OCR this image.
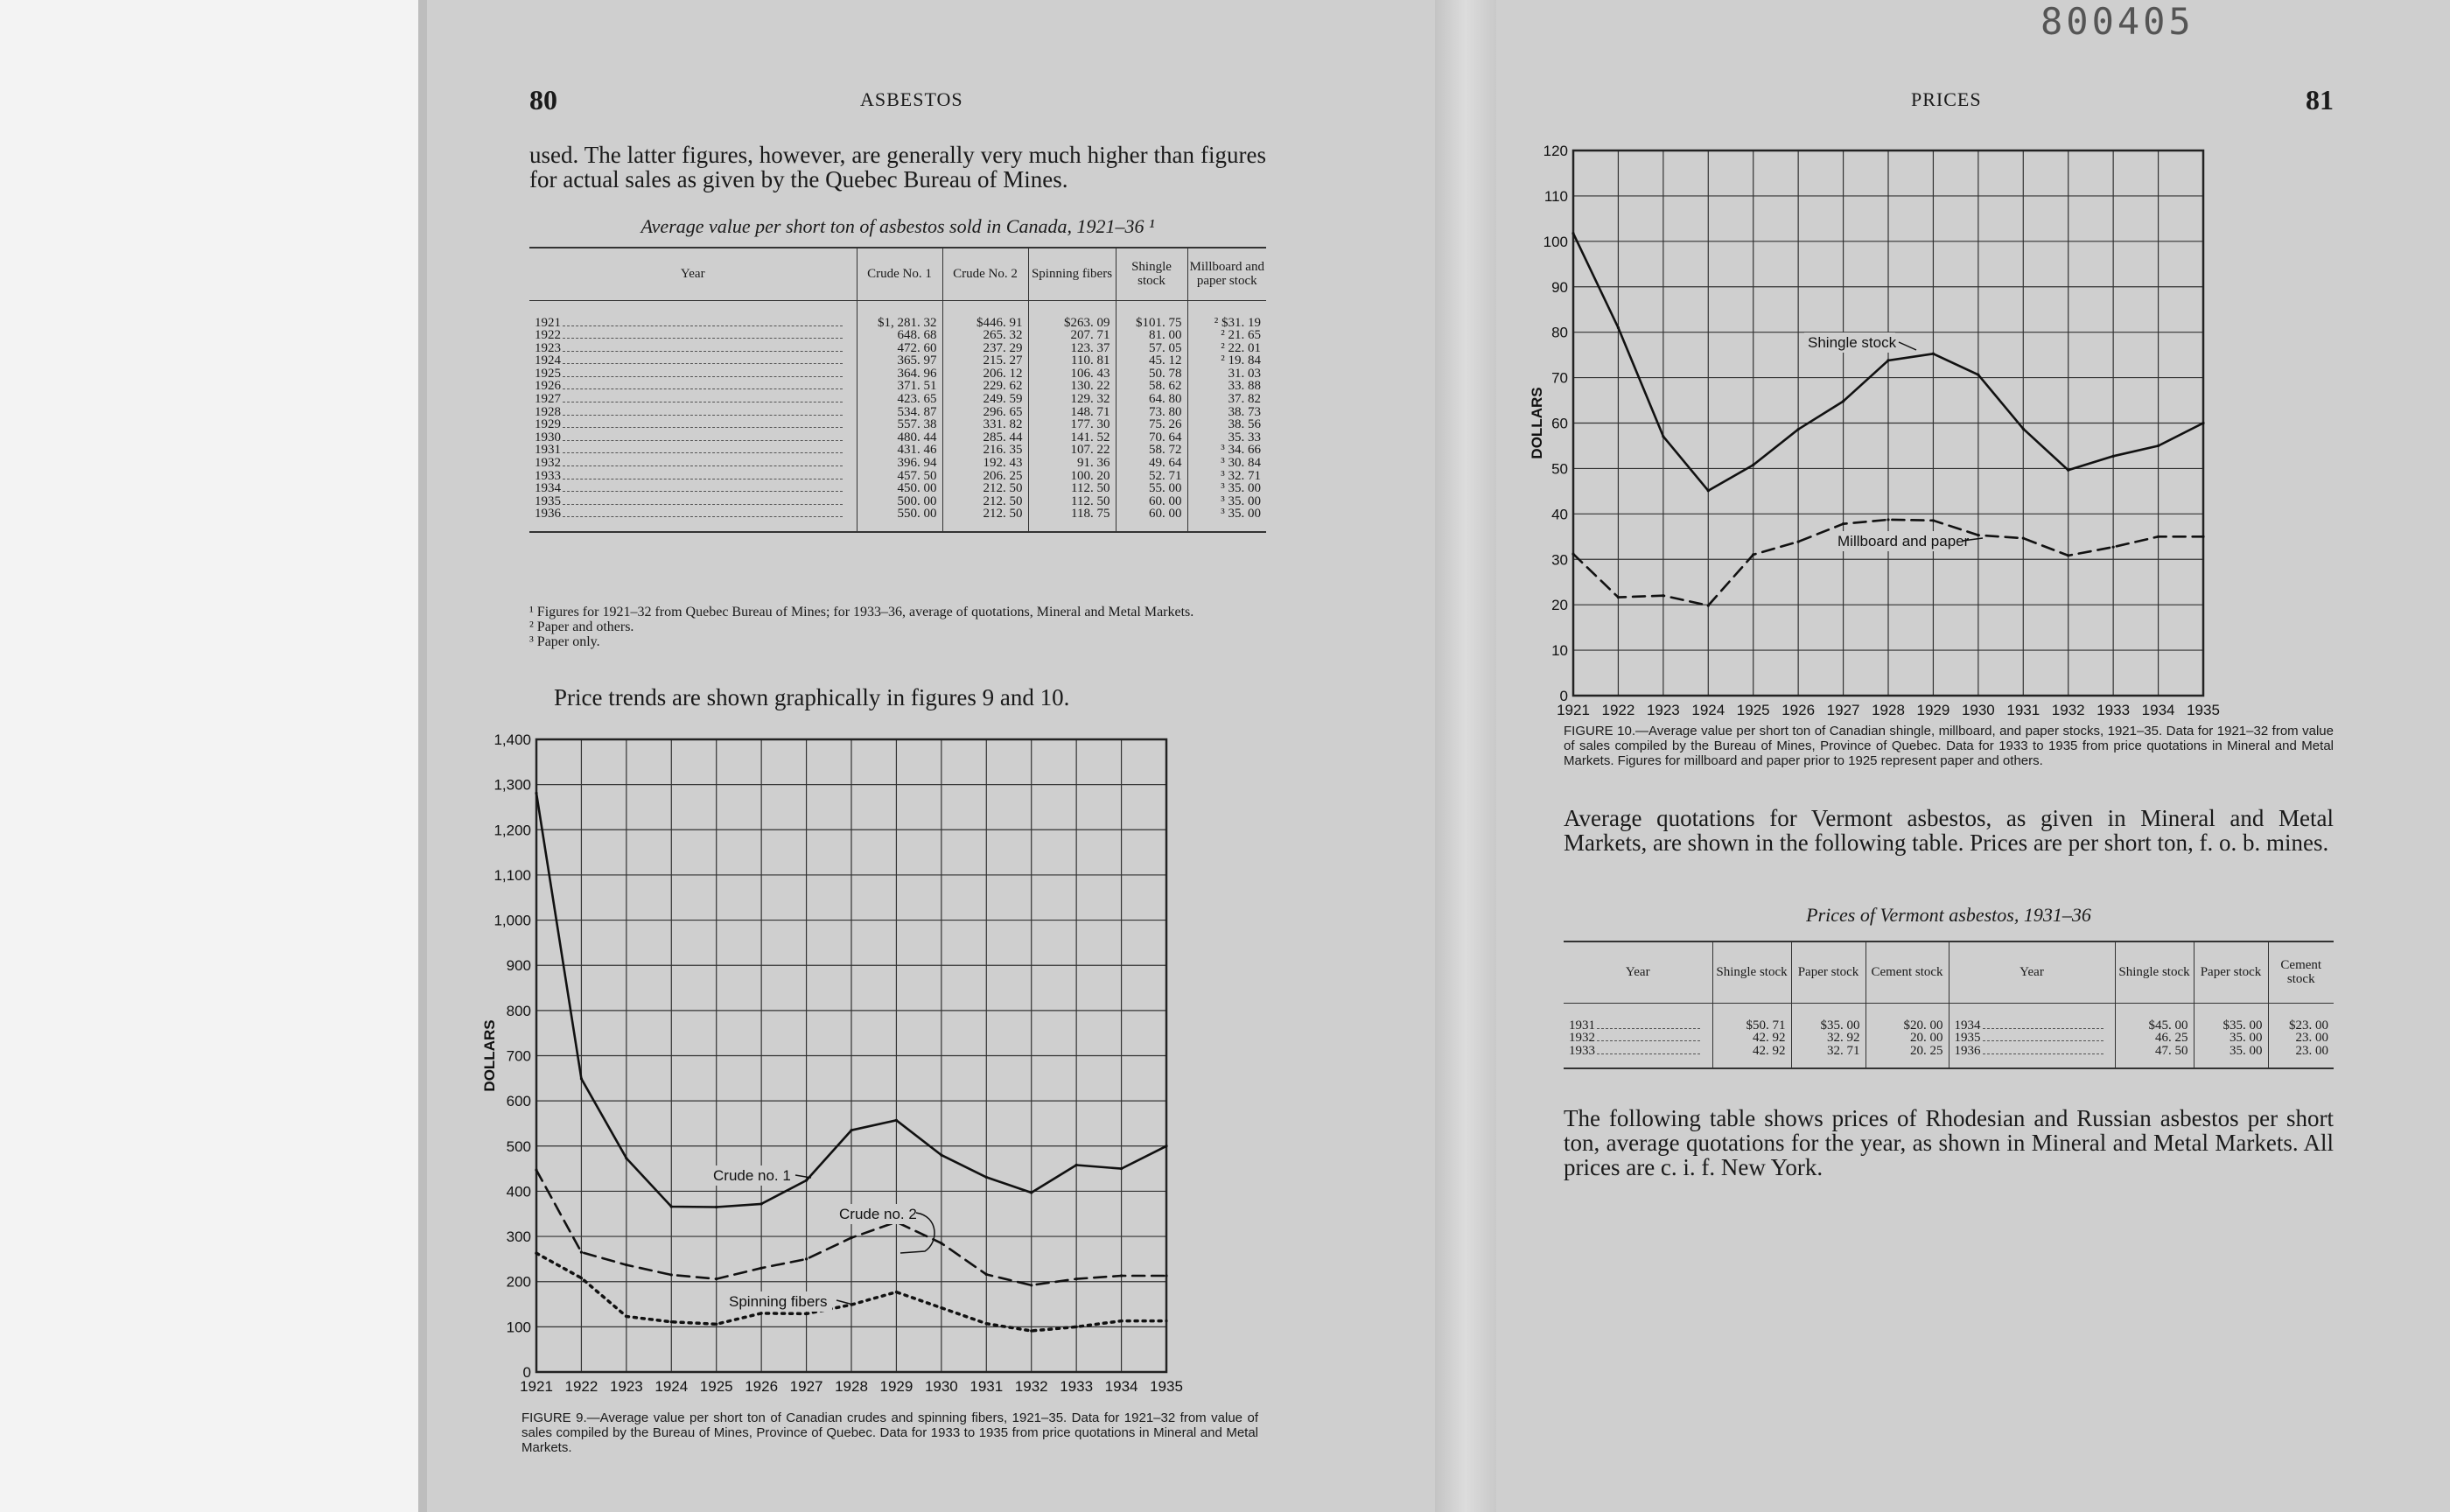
80	ASBESTOS
used. The latter figures, however, are generally very much higher than figures for actual sales as given by the Quebec Bureau of Mines.
Average value per short ton of asbestos sold in Canada, 1921–36 ¹
Year	Crude No. 1	Crude No. 2	Spinning fibers	Shingle stock	Millboard and paper stock
1921	$1, 281. 32	$446. 91	$263. 09	$101. 75	² $31. 19
1922	648. 68	265. 32	207. 71	81. 00	² 21. 65
1923	472. 60	237. 29	123. 37	57. 05	² 22. 01
1924	365. 97	215. 27	110. 81	45. 12	² 19. 84
1925	364. 96	206. 12	106. 43	50. 78	31. 03
1926	371. 51	229. 62	130. 22	58. 62	33. 88
1927	423. 65	249. 59	129. 32	64. 80	37. 82
1928	534. 87	296. 65	148. 71	73. 80	38. 73
1929	557. 38	331. 82	177. 30	75. 26	38. 56
1930	480. 44	285. 44	141. 52	70. 64	35. 33
1931	431. 46	216. 35	107. 22	58. 72	³ 34. 66
1932	396. 94	192. 43	91. 36	49. 64	³ 30. 84
1933	457. 50	206. 25	100. 20	52. 71	³ 32. 71
1934	450. 00	212. 50	112. 50	55. 00	³ 35. 00
1935	500. 00	212. 50	112. 50	60. 00	³ 35. 00
1936	550. 00	212. 50	118. 75	60. 00	³ 35. 00
¹ Figures for 1921–32 from Quebec Bureau of Mines; for 1933–36, average of quotations, Mineral and Metal Markets.
² Paper and others.
³ Paper only.
Price trends are shown graphically in figures 9 and 10.
0
100
200
300
400
500
600
700
800
900
1,000
1,100
1,200
1,300
1,400
1921 1922 1923 1924 1925 1926 1927 1928 1929 1930 1931 1932 1933 1934 1935
DOLLARS
Crude no. 1
Crude no. 2
Spinning fibers
FIGURE 9.—Average value per short ton of Canadian crudes and spinning fibers, 1921–35. Data for 1921–32 from value of sales compiled by the Bureau of Mines, Province of Quebec. Data for 1933 to 1935 from price quotations in Mineral and Metal Markets.
800405
PRICES	81
0
10
20
30
40
50
60
70
80
90
100
110
120
1921 1922 1923 1924 1925 1926 1927 1928 1929 1930 1931 1932 1933 1934 1935
DOLLARS
Shingle stock
Millboard and paper
FIGURE 10.—Average value per short ton of Canadian shingle, millboard, and paper stocks, 1921–35. Data for 1921–32 from value of sales compiled by the Bureau of Mines, Province of Quebec. Data for 1933 to 1935 from price quotations in Mineral and Metal Markets. Figures for millboard and paper prior to 1925 represent paper and others.
Average quotations for Vermont asbestos, as given in Mineral and Metal Markets, are shown in the following table. Prices are per short ton, f. o. b. mines.
Prices of Vermont asbestos, 1931–36
Year	Shingle stock	Paper stock	Cement stock	Year	Shingle stock	Paper stock	Cement stock
1931	$50. 71	$35. 00	$20. 00	1934	$45. 00	$35. 00	$23. 00
1932	42. 92	32. 92	20. 00	1935	46. 25	35. 00	23. 00
1933	42. 92	32. 71	20. 25	1936	47. 50	35. 00	23. 00
The following table shows prices of Rhodesian and Russian asbestos per short ton, average quotations for the year, as shown in Mineral and Metal Markets. All prices are c. i. f. New York.
